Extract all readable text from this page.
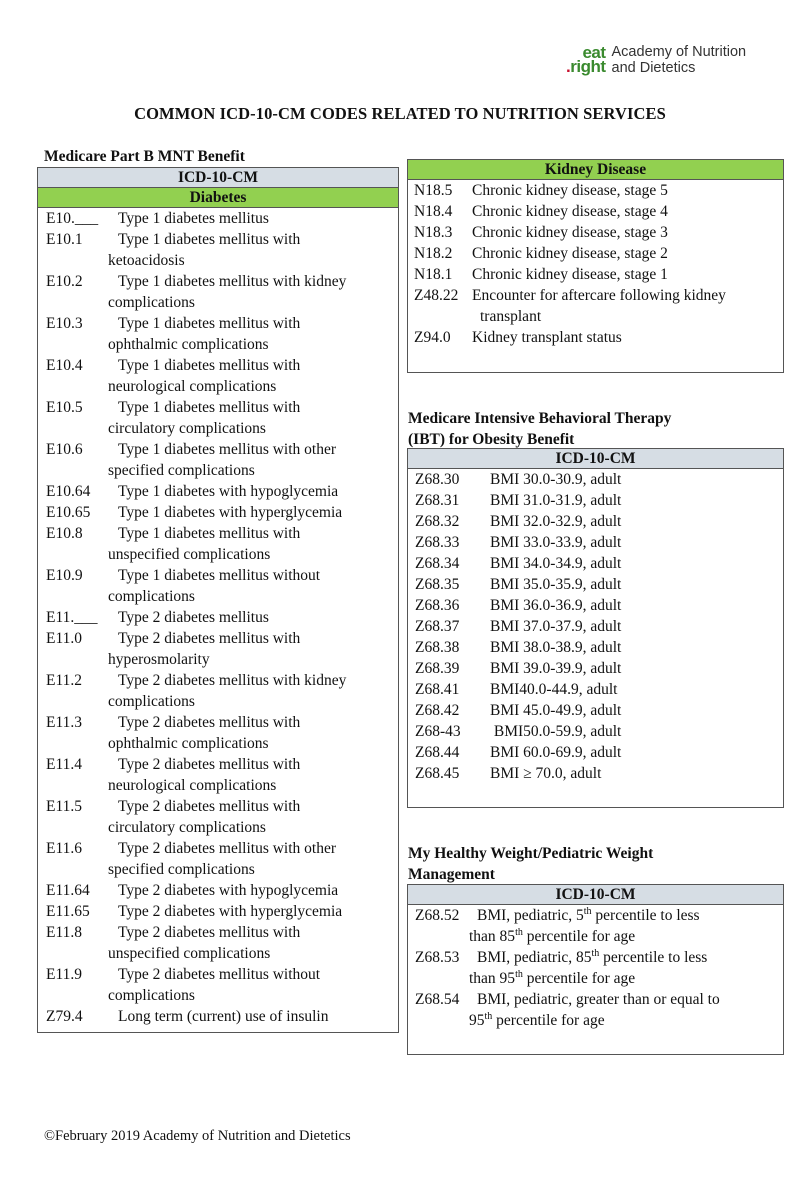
eat
.right
Academy of Nutrition
and Dietetics
COMMON ICD-10-CM CODES RELATED TO NUTRITION SERVICES
Medicare Part B MNT Benefit
ICD-10-CM
Diabetes
E10.___	Type 1 diabetes mellitus
E10.1	Type 1 diabetes mellitus with
ketoacidosis
E10.2	Type 1 diabetes mellitus with kidney
complications
E10.3	Type 1 diabetes mellitus with
ophthalmic complications
E10.4	Type 1 diabetes mellitus with
neurological complications
E10.5	Type 1 diabetes mellitus with
circulatory complications
E10.6	Type 1 diabetes mellitus with other
specified complications
E10.64	Type 1 diabetes with hypoglycemia
E10.65	Type 1 diabetes with hyperglycemia
E10.8	Type 1 diabetes mellitus with
unspecified complications
E10.9	Type 1 diabetes mellitus without
complications
E11.___	Type 2 diabetes mellitus
E11.0	Type 2 diabetes mellitus with
hyperosmolarity
E11.2	Type 2 diabetes mellitus with kidney
complications
E11.3	Type 2 diabetes mellitus with
ophthalmic complications
E11.4	Type 2 diabetes mellitus with
neurological complications
E11.5	Type 2 diabetes mellitus with
circulatory complications
E11.6	Type 2 diabetes mellitus with other
specified complications
E11.64	Type 2 diabetes with hypoglycemia
E11.65	Type 2 diabetes with hyperglycemia
E11.8	Type 2 diabetes mellitus with
unspecified complications
E11.9	Type 2 diabetes mellitus without
complications
Z79.4	Long term (current) use of insulin
Kidney Disease
N18.5	Chronic kidney disease, stage 5
N18.4	Chronic kidney disease, stage 4
N18.3	Chronic kidney disease, stage 3
N18.2	Chronic kidney disease, stage 2
N18.1	Chronic kidney disease, stage 1
Z48.22 Encounter for aftercare following kidney
transplant
Z94.0	Kidney transplant status
Medicare Intensive Behavioral Therapy
(IBT) for Obesity Benefit
ICD-10-CM
Z68.30	BMI 30.0-30.9, adult
Z68.31	BMI 31.0-31.9, adult
Z68.32	BMI 32.0-32.9, adult
Z68.33	BMI 33.0-33.9, adult
Z68.34	BMI 34.0-34.9, adult
Z68.35	BMI 35.0-35.9, adult
Z68.36	BMI 36.0-36.9, adult
Z68.37	BMI 37.0-37.9, adult
Z68.38	BMI 38.0-38.9, adult
Z68.39	BMI 39.0-39.9, adult
Z68.41	BMI40.0-44.9, adult
Z68.42	BMI 45.0-49.9, adult
Z68-43	BMI50.0-59.9, adult
Z68.44	BMI 60.0-69.9, adult
Z68.45	BMI ≥ 70.0, adult
My Healthy Weight/Pediatric Weight
Management
ICD-10-CM
Z68.52	BMI, pediatric, 5th percentile to less
than 85th percentile for age
Z68.53	BMI, pediatric, 85th percentile to less
than 95th percentile for age
Z68.54	BMI, pediatric, greater than or equal to
95th percentile for age
©February 2019 Academy of Nutrition and Dietetics
